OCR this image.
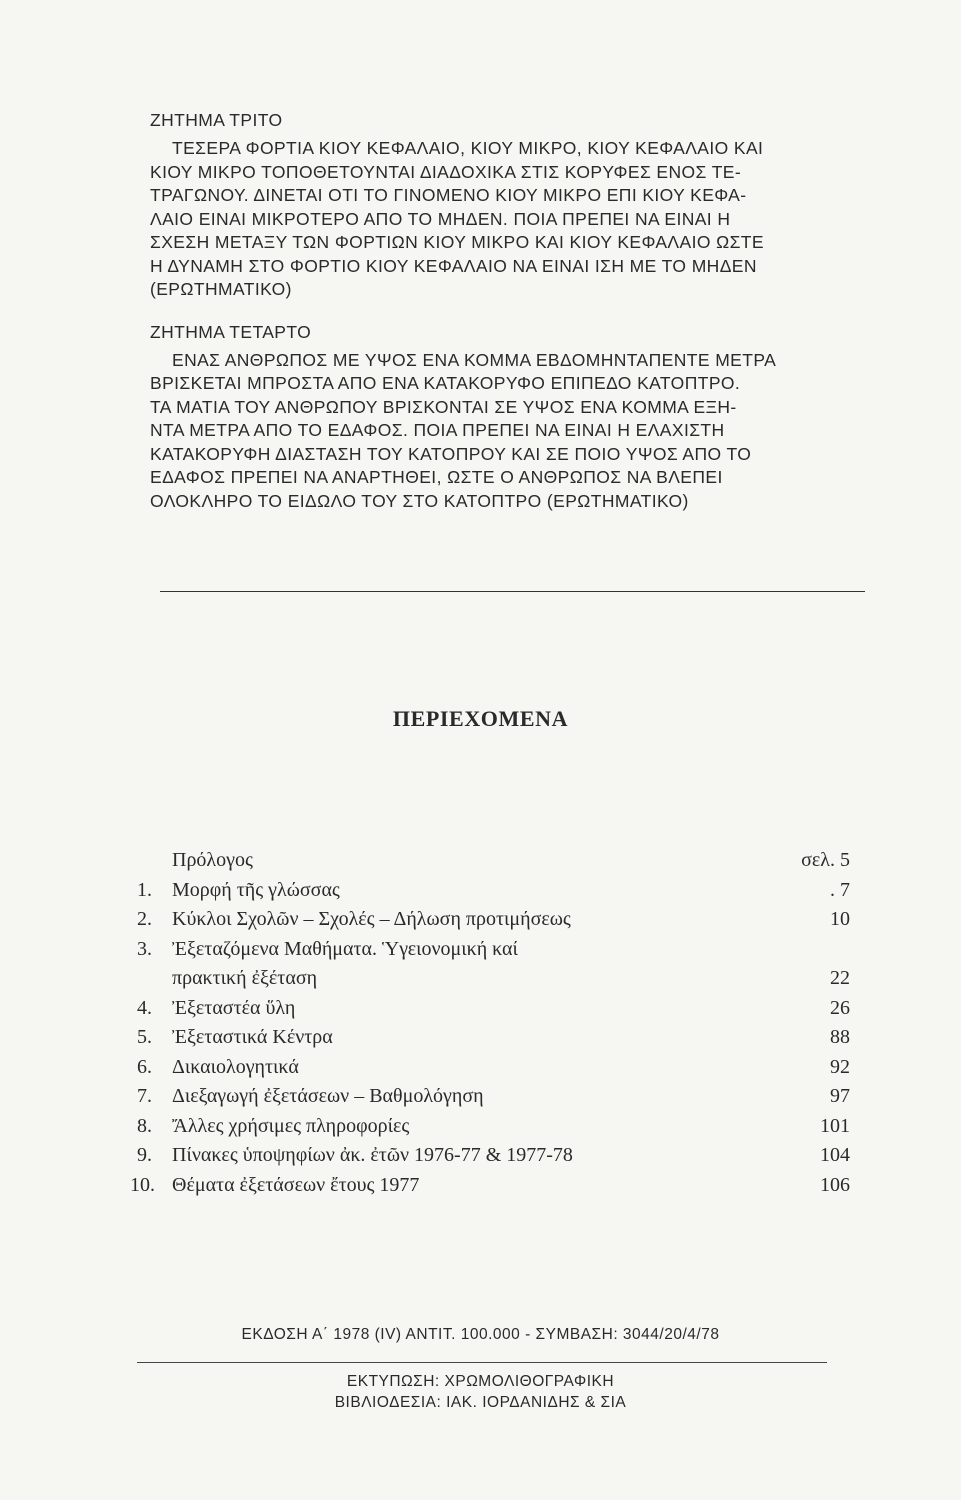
ΖΗΤΗΜΑ ΤΡΙΤΟ

ΤΕΣΕΡΑ ΦΟΡΤΙΑ ΚΙΟΥ ΚΕΦΑΛΑΙΟ, ΚΙΟΥ ΜΙΚΡΟ, ΚΙΟΥ ΚΕΦΑΛΑΙΟ ΚΑΙ

ΚΙΟΥ ΜΙΚΡΟ ΤΟΠΟΘΕΤΟΥΝΤΑΙ ΔΙΑΔΟΧΙΚΑ ΣΤΙΣ ΚΟΡΥΦΕΣ ΕΝΟΣ ΤΕ-

ΤΡΑΓΩΝΟΥ. ΔΙΝΕΤΑΙ ΟΤΙ ΤΟ ΓΙΝΟΜΕΝΟ ΚΙΟΥ ΜΙΚΡΟ ΕΠΙ ΚΙΟΥ ΚΕΦΑ-

ΛΑΙΟ ΕΙΝΑΙ ΜΙΚΡΟΤΕΡΟ ΑΠΟ ΤΟ ΜΗΔΕΝ. ΠΟΙΑ ΠΡΕΠΕΙ ΝΑ ΕΙΝΑΙ Η

ΣΧΕΣΗ ΜΕΤΑΞΥ ΤΩΝ ΦΟΡΤΙΩΝ ΚΙΟΥ ΜΙΚΡΟ ΚΑΙ ΚΙΟΥ ΚΕΦΑΛΑΙΟ ΩΣΤΕ

Η ΔΥΝΑΜΗ ΣΤΟ ΦΟΡΤΙΟ ΚΙΟΥ ΚΕΦΑΛΑΙΟ ΝΑ ΕΙΝΑΙ ΙΣΗ ΜΕ ΤΟ ΜΗΔΕΝ

(ΕΡΩΤΗΜΑΤΙΚΟ)

ΖΗΤΗΜΑ ΤΕΤΑΡΤΟ

ΕΝΑΣ ΑΝΘΡΩΠΟΣ ΜΕ ΥΨΟΣ ΕΝΑ ΚΟΜΜΑ ΕΒΔΟΜΗΝΤΑΠΕΝΤΕ ΜΕΤΡΑ

ΒΡΙΣΚΕΤΑΙ ΜΠΡΟΣΤΑ ΑΠΟ ΕΝΑ ΚΑΤΑΚΟΡΥΦΟ ΕΠΙΠΕΔΟ ΚΑΤΟΠΤΡΟ.

ΤΑ ΜΑΤΙΑ ΤΟΥ ΑΝΘΡΩΠΟΥ ΒΡΙΣΚΟΝΤΑΙ ΣΕ ΥΨΟΣ ΕΝΑ ΚΟΜΜΑ ΕΞΗ-

ΝΤΑ ΜΕΤΡΑ ΑΠΟ ΤΟ ΕΔΑΦΟΣ. ΠΟΙΑ ΠΡΕΠΕΙ ΝΑ ΕΙΝΑΙ Η ΕΛΑΧΙΣΤΗ

ΚΑΤΑΚΟΡΥΦΗ ΔΙΑΣΤΑΣΗ ΤΟΥ ΚΑΤΟΠΡΟΥ ΚΑΙ ΣΕ ΠΟΙΟ ΥΨΟΣ ΑΠΟ ΤΟ

ΕΔΑΦΟΣ ΠΡΕΠΕΙ ΝΑ ΑΝΑΡΤΗΘΕΙ, ΩΣΤΕ Ο ΑΝΘΡΩΠΟΣ ΝΑ ΒΛΕΠΕΙ

ΟΛΟΚΛΗΡΟ ΤΟ ΕΙΔΩΛΟ ΤΟΥ ΣΤΟ ΚΑΤΟΠΤΡΟ (ΕΡΩΤΗΜΑΤΙΚΟ)

ΠΕΡΙΕΧΟΜΕΝΑ
Πρόλογος	σελ. 5
1. Μορφή τῆς γλώσσας	. 7
2. Κύκλοι Σχολῶν – Σχολές – Δήλωση προτιμήσεως	10
3. Ἐξεταζόμενα Μαθήματα. Ὑγειονομική καί
πρακτική ἐξέταση	22
4. Ἐξεταστέα ὕλη	26
5. Ἐξεταστικά Κέντρα	88
6. Δικαιολογητικά	92
7. Διεξαγωγή ἐξετάσεων – Βαθμολόγηση	97
8. Ἄλλες χρήσιμες πληροφορίες	101
9. Πίνακες ὑποψηφίων ἀκ. ἐτῶν 1976-77 & 1977-78	104
10. Θέματα ἐξετάσεων ἔτους 1977	106
ΕΚΔΟΣΗ Α΄ 1978 (IV) ΑΝΤΙΤ. 100.000 - ΣΥΜΒΑΣΗ: 3044/20/4/78
ΕΚΤΥΠΩΣΗ: ΧΡΩΜΟΛΙΘΟΓΡΑΦΙΚΗ
ΒΙΒΛΙΟΔΕΣΙΑ: ΙΑΚ. ΙΟΡΔΑΝΙΔΗΣ & ΣΙΑ
